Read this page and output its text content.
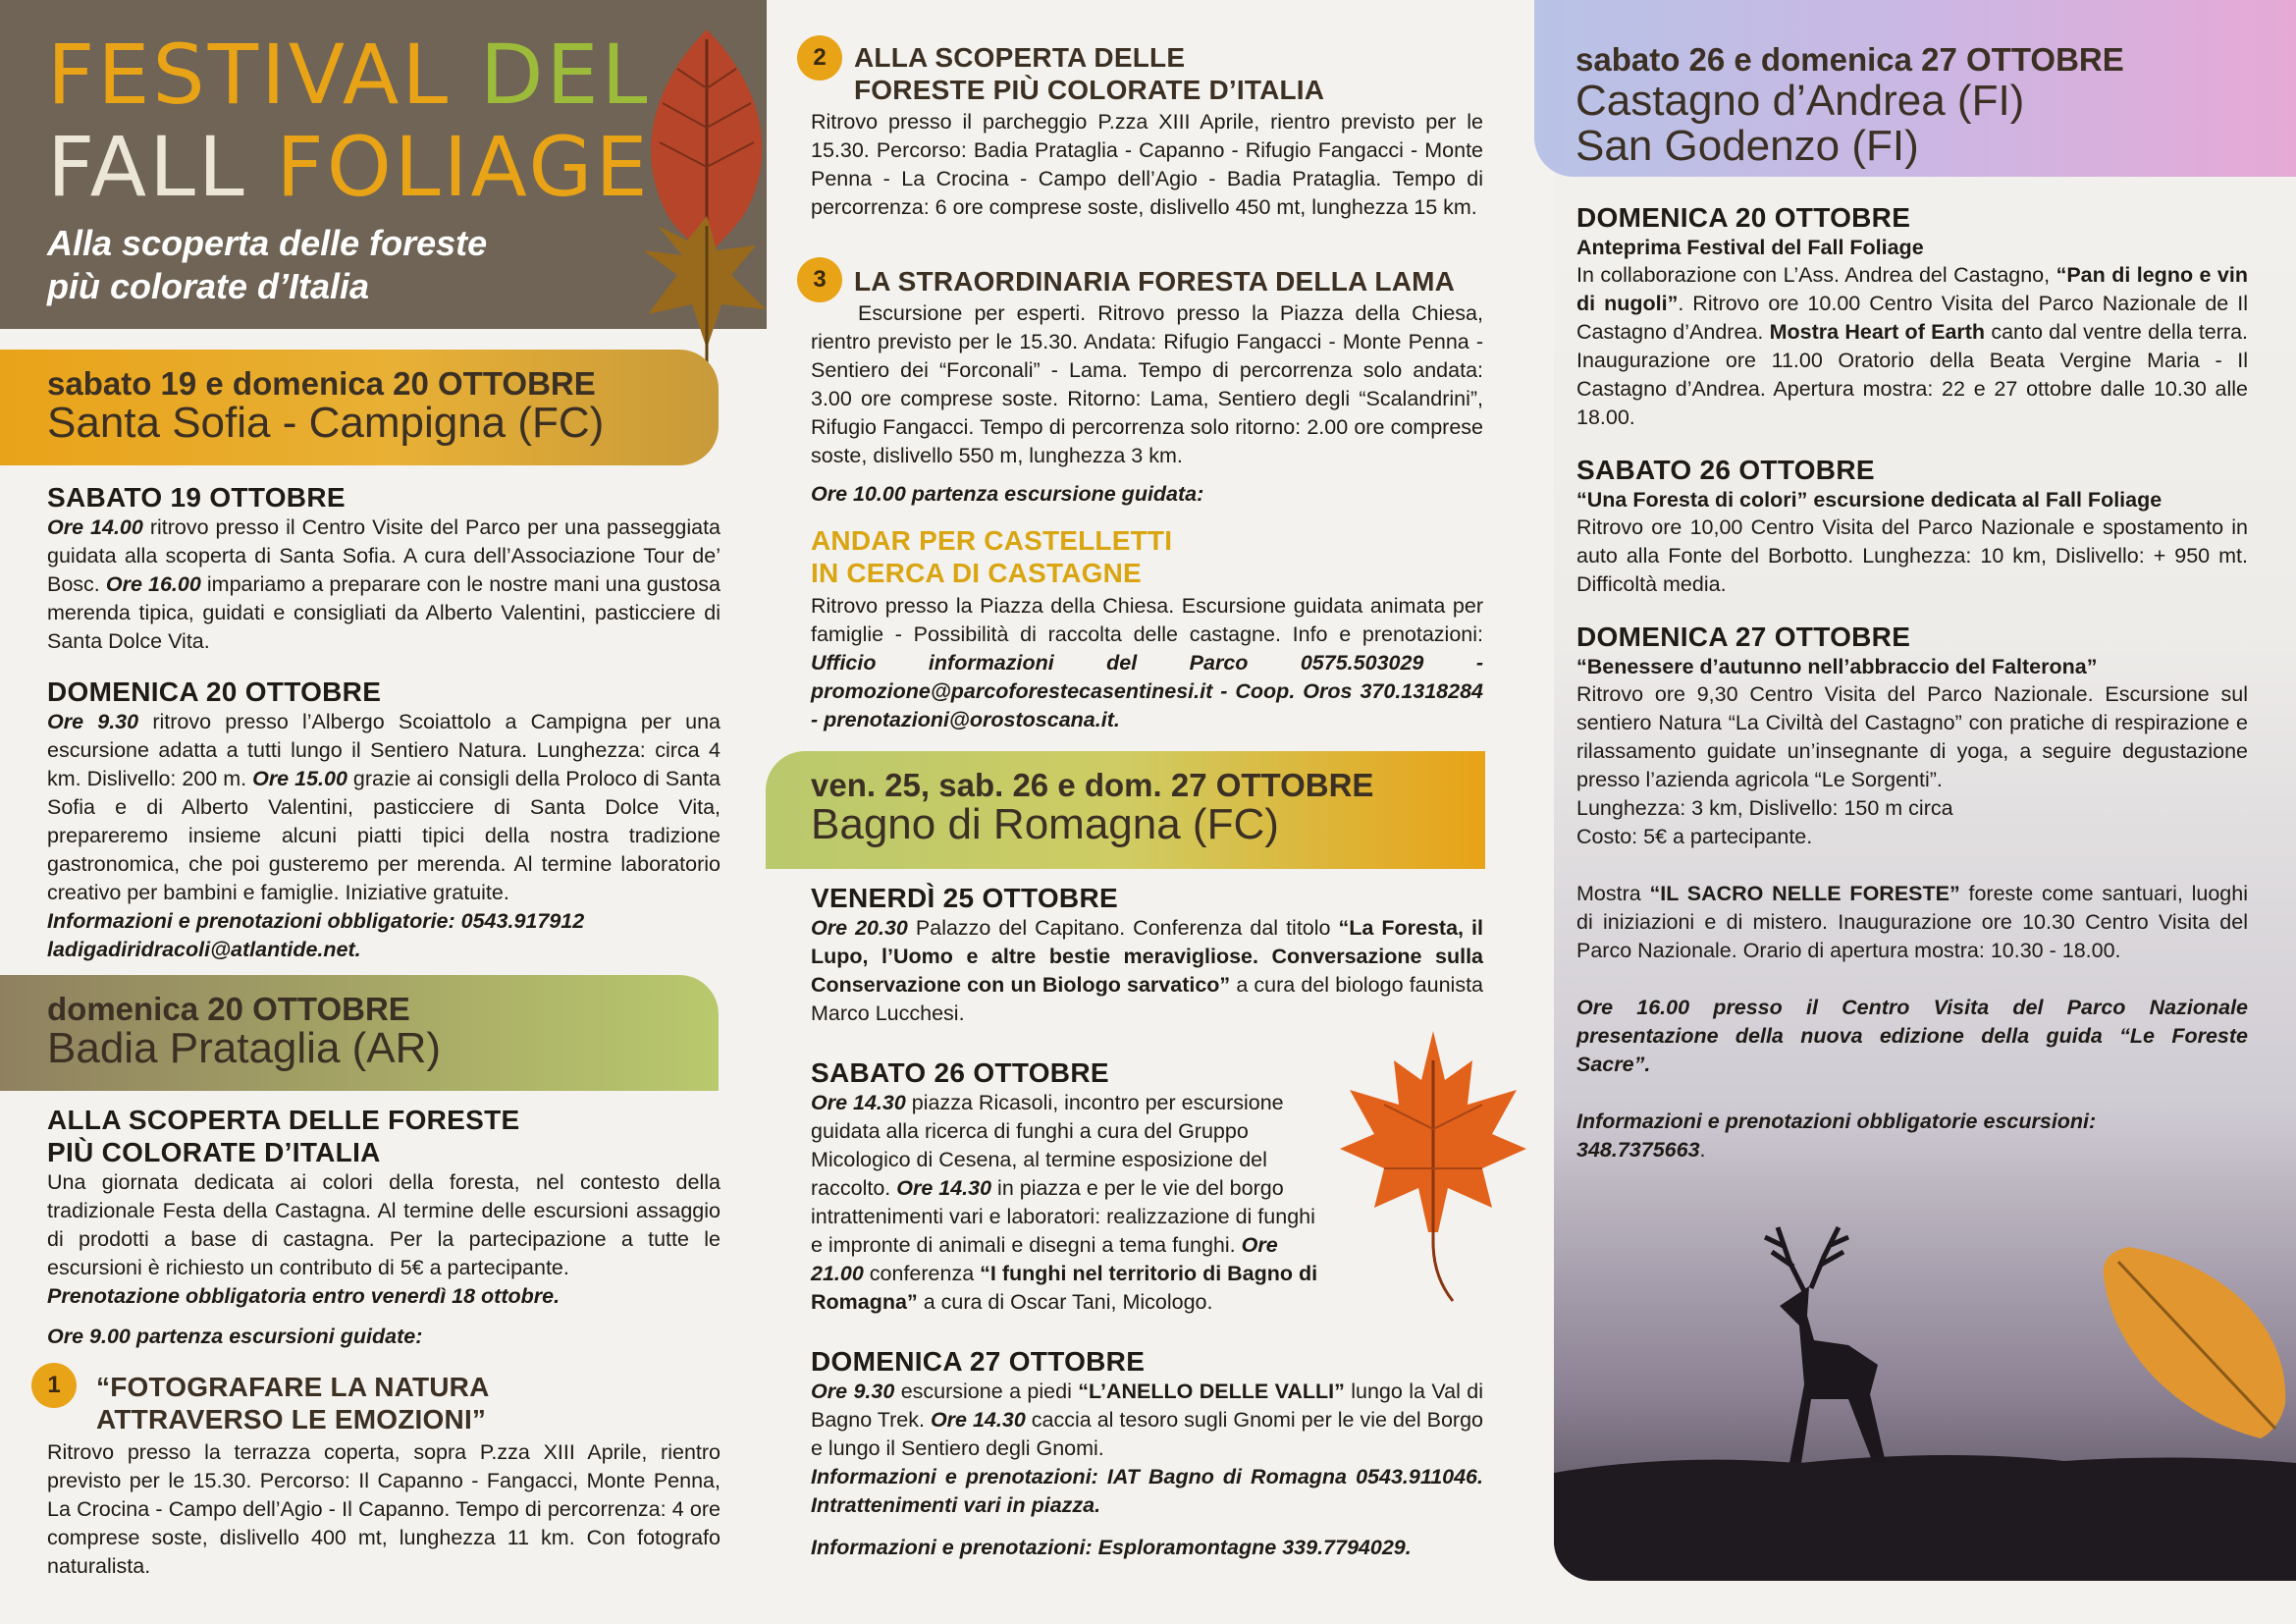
FESTIVAL DEL
FALL FOLIAGE
Alla scoperta delle foreste
più colorate d’Italia
sabato 19 e domenica 20 OTTOBRE
Santa Sofia - Campigna (FC)
SABATO 19 OTTOBRE

Ore 14.00 ritrovo presso il Centro Visite del Parco per una passeggiata guidata alla scoperta di Santa Sofia. A cura dell’Associazione Tour de’ Bosc. Ore 16.00 impariamo a preparare con le nostre mani una gustosa merenda tipica, guidati e consigliati da Alberto Valentini, pasticciere di Santa Dolce Vita.

DOMENICA 20 OTTOBRE

Ore 9.30 ritrovo presso l’Albergo Scoiattolo a Campigna per una escursione adatta a tutti lungo il Sentiero Natura. Lunghezza: circa 4 km. Dislivello: 200 m. Ore 15.00 grazie ai consigli della Proloco di Santa Sofia e di Alberto Valentini, pasticciere di Santa Dolce Vita, prepareremo insieme alcuni piatti tipici della nostra tradizione gastronomica, che poi gusteremo per merenda. Al termine laboratorio creativo per bambini e famiglie. Iniziative gratuite.

Informazioni e prenotazioni obbligatorie: 0543.917912
ladigadiridracoli@atlantide.net.

domenica 20 OTTOBRE
Badia Prataglia (AR)
ALLA SCOPERTA DELLE FORESTE
PIÙ COLORATE D’ITALIA

Una giornata dedicata ai colori della foresta, nel contesto della tradizionale Festa della Castagna. Al termine delle escursioni assaggio di prodotti a base di castagna. Per la partecipazione a tutte le escursioni è richiesto un contributo di 5€ a partecipante.

Prenotazione obbligatoria entro venerdì 18 ottobre.

Ore 9.00 partenza escursioni guidate:

1	“FOTOGRAFARE LA NATURA
ATTRAVERSO LE EMOZIONI”

Ritrovo presso la terrazza coperta, sopra P.zza XIII Aprile, rientro previsto per le 15.30. Percorso: Il Capanno - Fangacci, Monte Penna, La Crocina - Campo dell’Agio - Il Capanno. Tempo di percorrenza: 4 ore comprese soste, dislivello 400 mt, lunghezza 11 km. Con fotografo naturalista.

2	ALLA SCOPERTA DELLE
FORESTE PIÙ COLORATE D’ITALIA

Ritrovo presso il parcheggio P.zza XIII Aprile, rientro previsto per le 15.30. Percorso: Badia Prataglia - Capanno - Rifugio Fangacci - Monte Penna - La Crocina - Campo dell’Agio - Badia Prataglia. Tempo di percorrenza: 6 ore comprese soste, dislivello 450 mt, lunghezza 15 km.

3	LA STRAORDINARIA FORESTA DELLA LAMA

Escursione per esperti. Ritrovo presso la Piazza della Chiesa, rientro previsto per le 15.30. Andata: Rifugio Fangacci - Monte Penna - Sentiero dei “Forconali” - Lama. Tempo di percorrenza solo andata: 3.00 ore comprese soste. Ritorno: Lama, Sentiero degli “Scalandrini”, Rifugio Fangacci. Tempo di percorrenza solo ritorno: 2.00 ore comprese soste, dislivello 550 m, lunghezza 3 km.

Ore 10.00 partenza escursione guidata:

ANDAR PER CASTELLETTI
IN CERCA DI CASTAGNE

Ritrovo presso la Piazza della Chiesa. Escursione guidata animata per famiglie - Possibilità di raccolta delle castagne. Info e prenotazioni: Ufficio informazioni del Parco 0575.503029 - promozione@parcoforestecasentinesi.it - Coop. Oros 370.1318284 - prenotazioni@orostoscana.it.

ven. 25, sab. 26 e dom. 27 OTTOBRE
Bagno di Romagna (FC)
VENERDÌ 25 OTTOBRE

Ore 20.30 Palazzo del Capitano. Conferenza dal titolo “La Foresta, il Lupo, l’Uomo e altre bestie meravigliose. Conversazione sulla Conservazione con un Biologo sarvatico” a cura del biologo faunista Marco Lucchesi.

SABATO 26 OTTOBRE

Ore 14.30 piazza Ricasoli, incontro per escursione guidata alla ricerca di funghi a cura del Gruppo Micologico di Cesena, al termine esposizione del raccolto. Ore 14.30 in piazza e per le vie del borgo intrattenimenti vari e laboratori: realizzazione di funghi e impronte di animali e disegni a tema funghi. Ore 21.00 conferenza “I funghi nel territorio di Bagno di Romagna” a cura di Oscar Tani, Micologo.

DOMENICA 27 OTTOBRE

Ore 9.30 escursione a piedi “L’ANELLO DELLE VALLI” lungo la Val di Bagno Trek. Ore 14.30 caccia al tesoro sugli Gnomi per le vie del Borgo e lungo il Sentiero degli Gnomi.

Informazioni e prenotazioni: IAT Bagno di Romagna 0543.911046. Intrattenimenti vari in piazza.

Informazioni e prenotazioni: Esploramontagne 339.7794029.

sabato 26 e domenica 27 OTTOBRE
Castagno d’Andrea (FI)
San Godenzo (FI)
DOMENICA 20 OTTOBRE
Anteprima Festival del Fall Foliage

In collaborazione con L’Ass. Andrea del Castagno, “Pan di legno e vin di nugoli”. Ritrovo ore 10.00 Centro Visita del Parco Nazionale de Il Castagno d’Andrea. Mostra Heart of Earth canto dal ventre della terra. Inaugurazione ore 11.00 Oratorio della Beata Vergine Maria - Il Castagno d’Andrea. Apertura mostra: 22 e 27 ottobre dalle 10.30 alle 18.00.

SABATO 26 OTTOBRE
“Una Foresta di colori” escursione dedicata al Fall Foliage

Ritrovo ore 10,00 Centro Visita del Parco Nazionale e spostamento in auto alla Fonte del Borbotto. Lunghezza: 10 km, Dislivello: + 950 mt. Difficoltà media.

DOMENICA 27 OTTOBRE
“Benessere d’autunno nell’abbraccio del Falterona”

Ritrovo ore 9,30 Centro Visita del Parco Nazionale. Escursione sul sentiero Natura “La Civiltà del Castagno” con pratiche di respirazione e rilassamento guidate un’insegnante di yoga, a seguire degustazione presso l’azienda agricola “Le Sorgenti”.

Lunghezza: 3 km, Dislivello: 150 m circa

Costo: 5€ a partecipante.

Mostra “IL SACRO NELLE FORESTE” foreste come santuari, luoghi di iniziazioni e di mistero. Inaugurazione ore 10.30 Centro Visita del Parco Nazionale. Orario di apertura mostra: 10.30 - 18.00.

Ore 16.00 presso il Centro Visita del Parco Nazionale presentazione della nuova edizione della guida “Le Foreste Sacre”.

Informazioni e prenotazioni obbligatorie escursioni:
348.7375663.
